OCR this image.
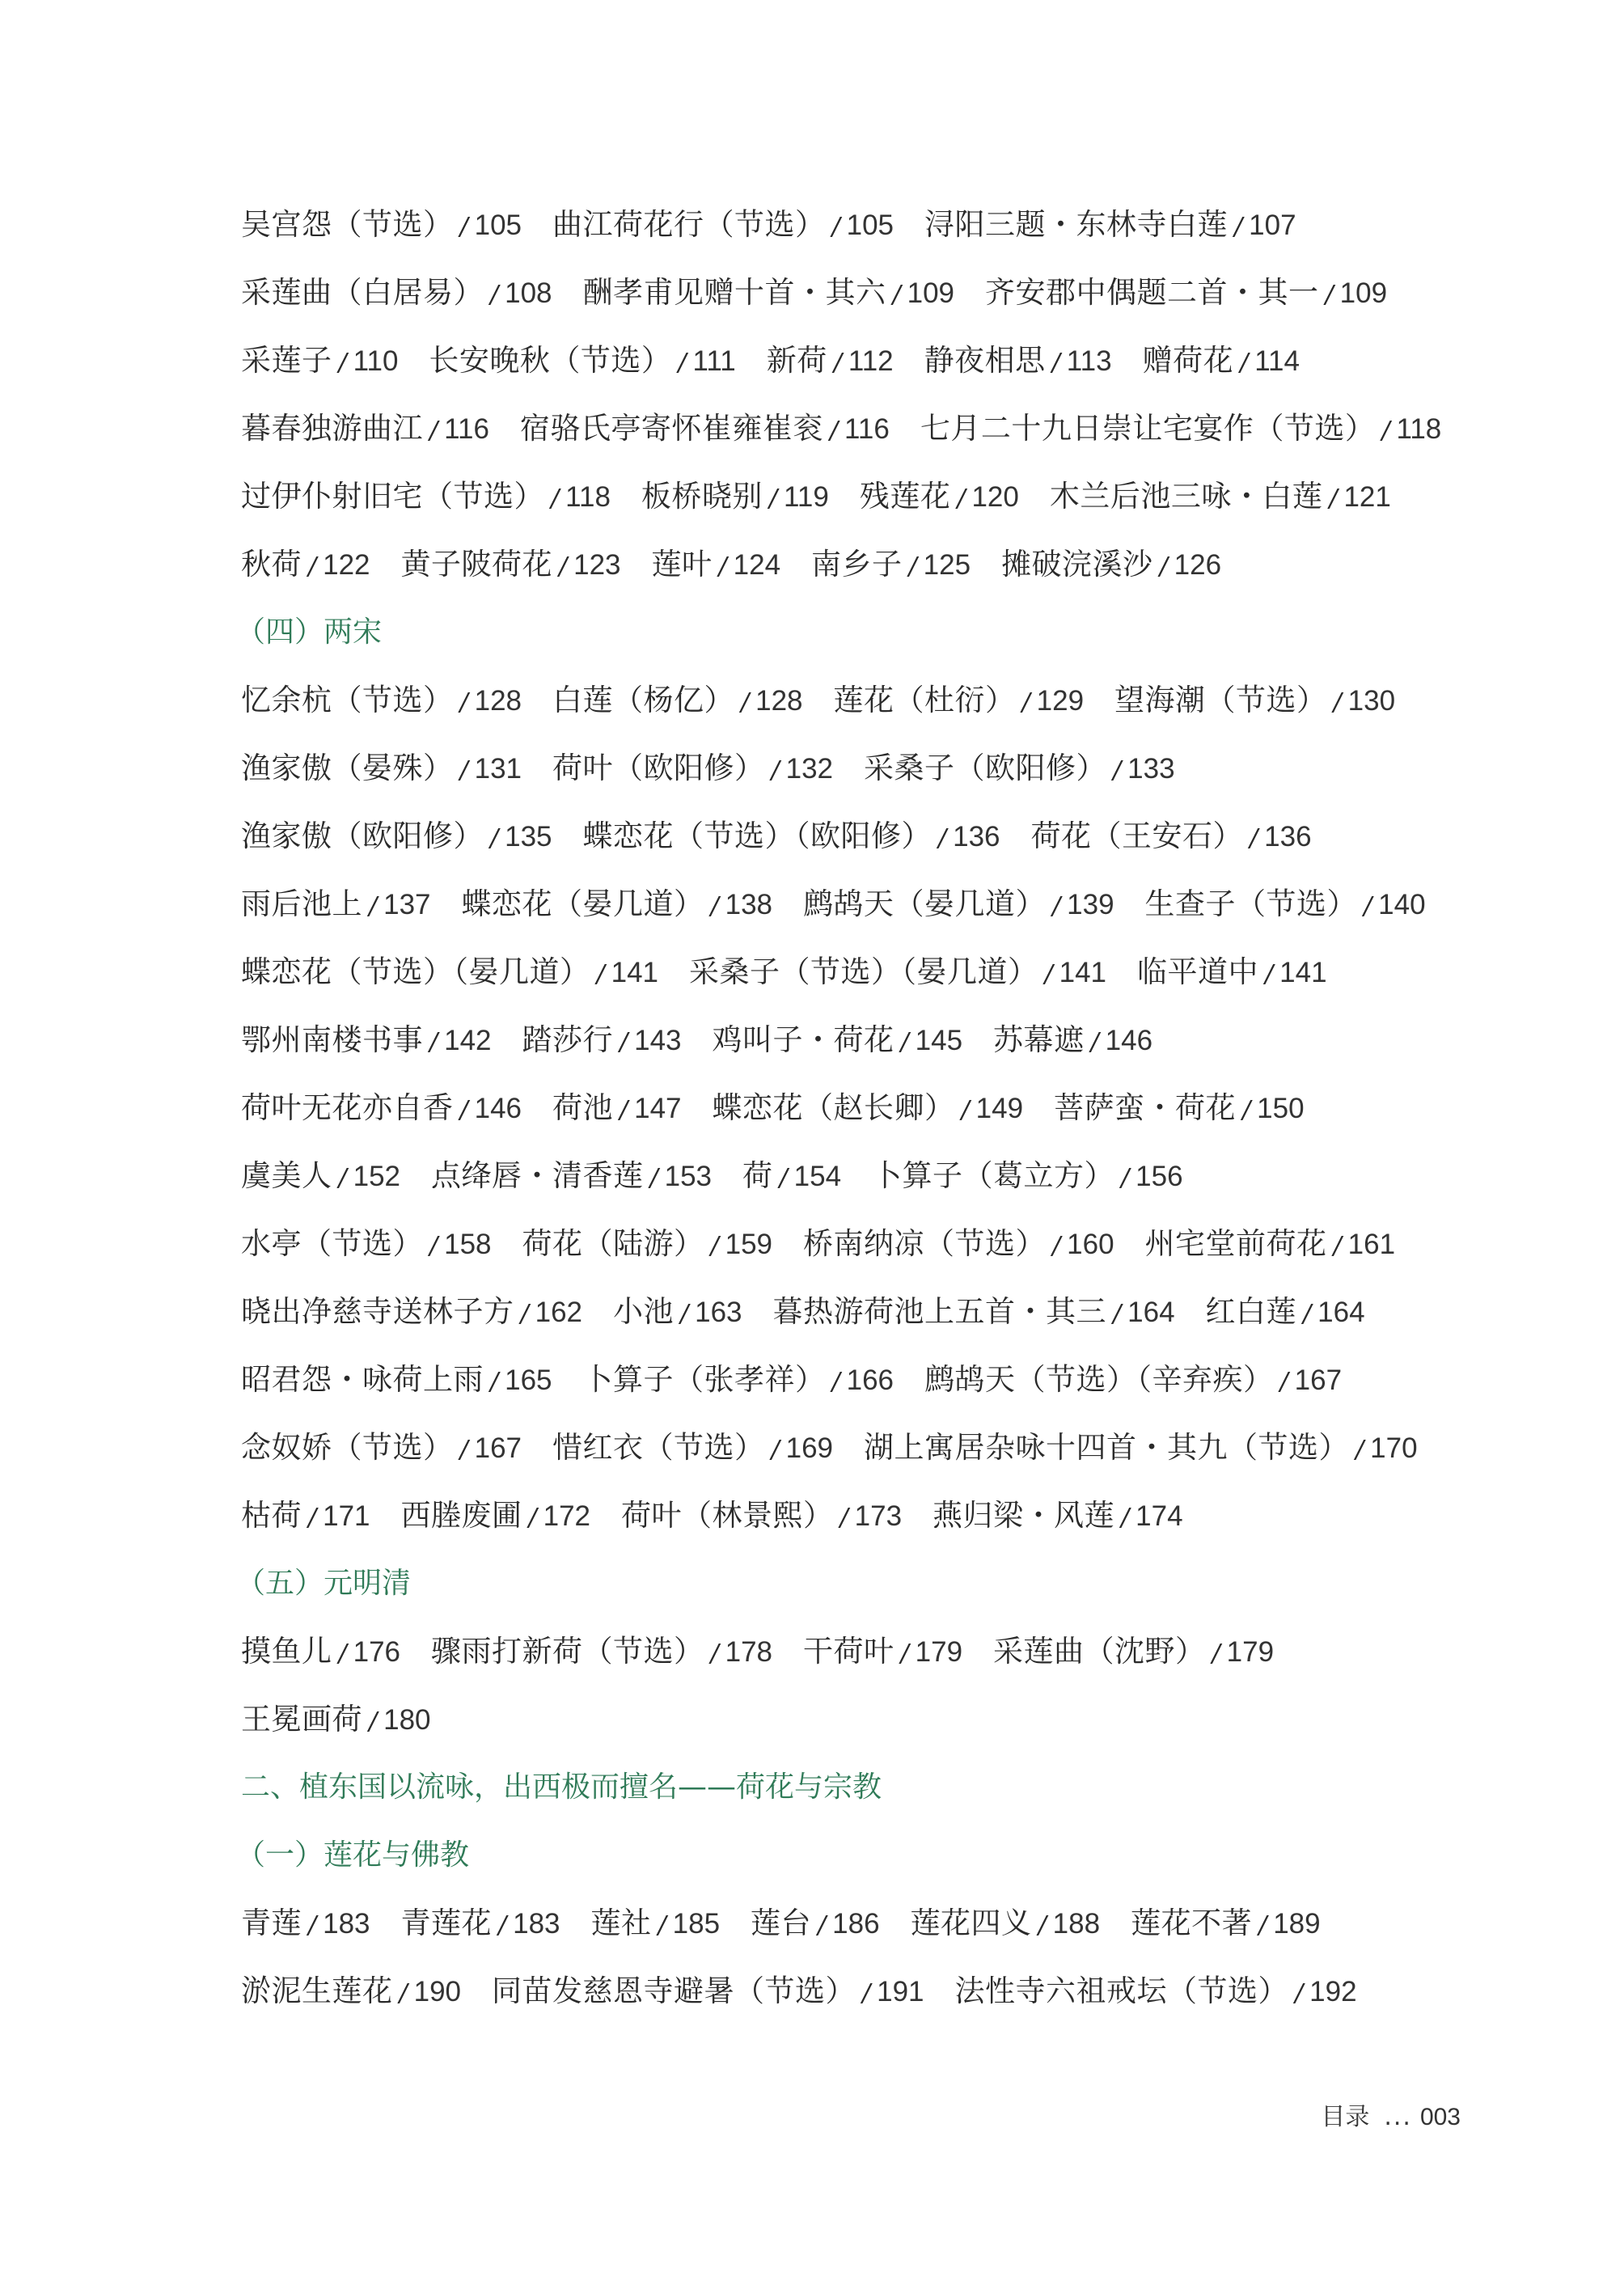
吴宫怨（节选） / 105 曲江荷花行（节选） / 105 浔阳三题・东林寺白莲 / 107
采莲曲（白居易） / 108 酬孝甫见赠十首・其六 / 109 齐安郡中偶题二首・其一 / 109
采莲子 / 110 长安晚秋（节选） / 111 新荷 / 112 静夜相思 / 113 赠荷花 / 114
暮春独游曲江 / 116 宿骆氏亭寄怀崔雍崔衮 / 116 七月二十九日崇让宅宴作（节选） / 118
过伊仆射旧宅（节选） / 118 板桥晓别 / 119 残莲花 / 120 木兰后池三咏・白莲 / 121
秋荷 / 122 黄子陂荷花 / 123 莲叶 / 124 南乡子 / 125 摊破浣溪沙 / 126
（四）两宋
忆余杭（节选） / 128 白莲（杨亿） / 128 莲花（杜衍） / 129 望海潮（节选） / 130
渔家傲（晏殊） / 131 荷叶（欧阳修） / 132 采桑子（欧阳修） / 133
渔家傲（欧阳修） / 135 蝶恋花（节选）（欧阳修） / 136 荷花（王安石） / 136
雨后池上 / 137 蝶恋花（晏几道） / 138 鹧鸪天（晏几道） / 139 生查子（节选） / 140
蝶恋花（节选）（晏几道） / 141 采桑子（节选）（晏几道） / 141 临平道中 / 141
鄂州南楼书事 / 142 踏莎行 / 143 鸡叫子・荷花 / 145 苏幕遮 / 146
荷叶无花亦自香 / 146 荷池 / 147 蝶恋花（赵长卿） / 149 菩萨蛮・荷花 / 150
虞美人 / 152 点绛唇・清香莲 / 153 荷 / 154 卜算子（葛立方） / 156
水亭（节选） / 158 荷花（陆游） / 159 桥南纳凉（节选） / 160 州宅堂前荷花 / 161
晓出净慈寺送林子方 / 162 小池 / 163 暮热游荷池上五首・其三 / 164 红白莲 / 164
昭君怨・咏荷上雨 / 165 卜算子（张孝祥） / 166 鹧鸪天（节选）（辛弃疾） / 167
念奴娇（节选） / 167 惜红衣（节选） / 169 湖上寓居杂咏十四首・其九（节选） / 170
枯荷 / 171 西塍废圃 / 172 荷叶（林景熙） / 173 燕归梁・风莲 / 174
（五）元明清
摸鱼儿 / 176 骤雨打新荷（节选） / 178 干荷叶 / 179 采莲曲（沈野） / 179
王冕画荷 / 180
二、植东国以流咏，出西极而擅名——荷花与宗教
（一）莲花与佛教
青莲 / 183 青莲花 / 183 莲社 / 185 莲台 / 186 莲花四义 / 188 莲花不著 / 189
淤泥生莲花 / 190 同苗发慈恩寺避暑（节选） / 191 法性寺六祖戒坛（节选） / 192
目录 ... 003
